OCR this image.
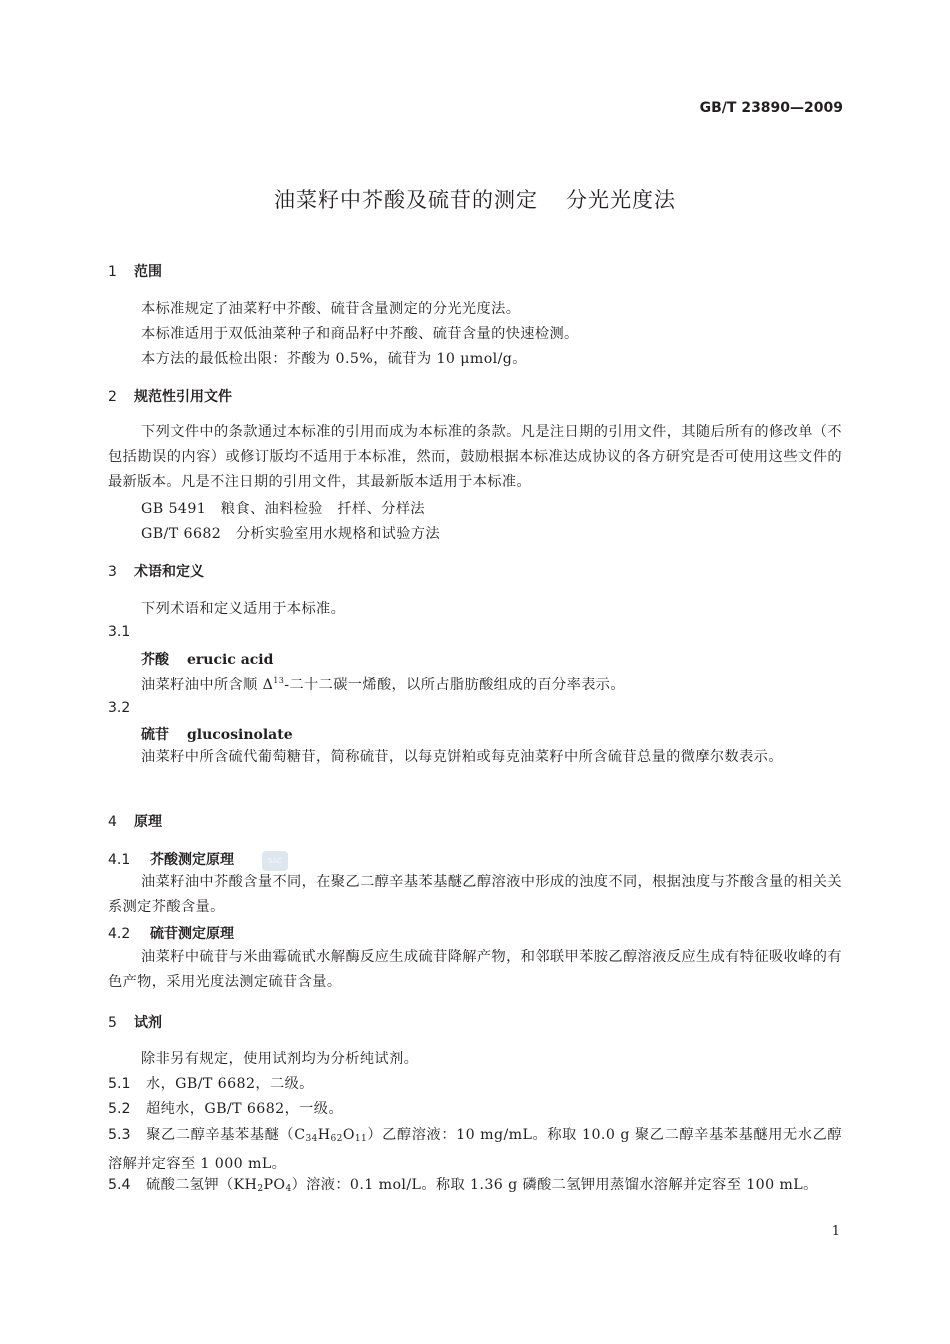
GB/T 23890—2009
油菜籽中芥酸及硫苷的测定 分光光度法
1 范围
本标准规定了油菜籽中芥酸、硫苷含量测定的分光光度法。
本标准适用于双低油菜种子和商品籽中芥酸、硫苷含量的快速检测。
本方法的最低检出限：芥酸为 0.5%，硫苷为 10 μmol/g。
2 规范性引用文件
下列文件中的条款通过本标准的引用而成为本标准的条款。凡是注日期的引用文件，其随后所有的修改单（不包括勘误的内容）或修订版均不适用于本标准，然而，鼓励根据本标准达成协议的各方研究是否可使用这些文件的最新版本。凡是不注日期的引用文件，其最新版本适用于本标准。
GB 5491　粮食、油料检验　扦样、分样法
GB/T 6682　分析实验室用水规格和试验方法
3 术语和定义
下列术语和定义适用于本标准。
3.1
芥酸 erucic acid
油菜籽油中所含顺 $\Delta^{13}-$二十二碳一烯酸，以所占脂肪酸组成的百分率表示。
3.2
硫苷 glucosinolate
油菜籽中所含硫代葡萄糖苷，简称硫苷，以每克饼粕或每克油菜籽中所含硫苷总量的微摩尔数表示。
4 原理
4.1 芥酸测定原理	SAC
油菜籽油中芥酸含量不同，在聚乙二醇辛基苯基醚乙醇溶液中形成的浊度不同，根据浊度与芥酸含量的相关关系测定芥酸含量。
4.2 硫苷测定原理
油菜籽中硫苷与米曲霉硫甙水解酶反应生成硫苷降解产物，和邻联甲苯胺乙醇溶液反应生成有特征吸收峰的有色产物，采用光度法测定硫苷含量。
5 试剂
除非另有规定，使用试剂均为分析纯试剂。
5.1 水，GB/T 6682，二级。
5.2 超纯水，GB/T 6682，一级。
5.3 聚乙二醇辛基苯基醚（C34H62O11）乙醇溶液：10 mg/mL。称取 10.0 g 聚乙二醇辛基苯基醚用无水乙醇溶解并定容至 1 000 mL。
5.4 硫酸二氢钾（KH2PO4）溶液：0.1 mol/L。称取 1.36 g 磷酸二氢钾用蒸馏水溶解并定容至 100 mL。
1
